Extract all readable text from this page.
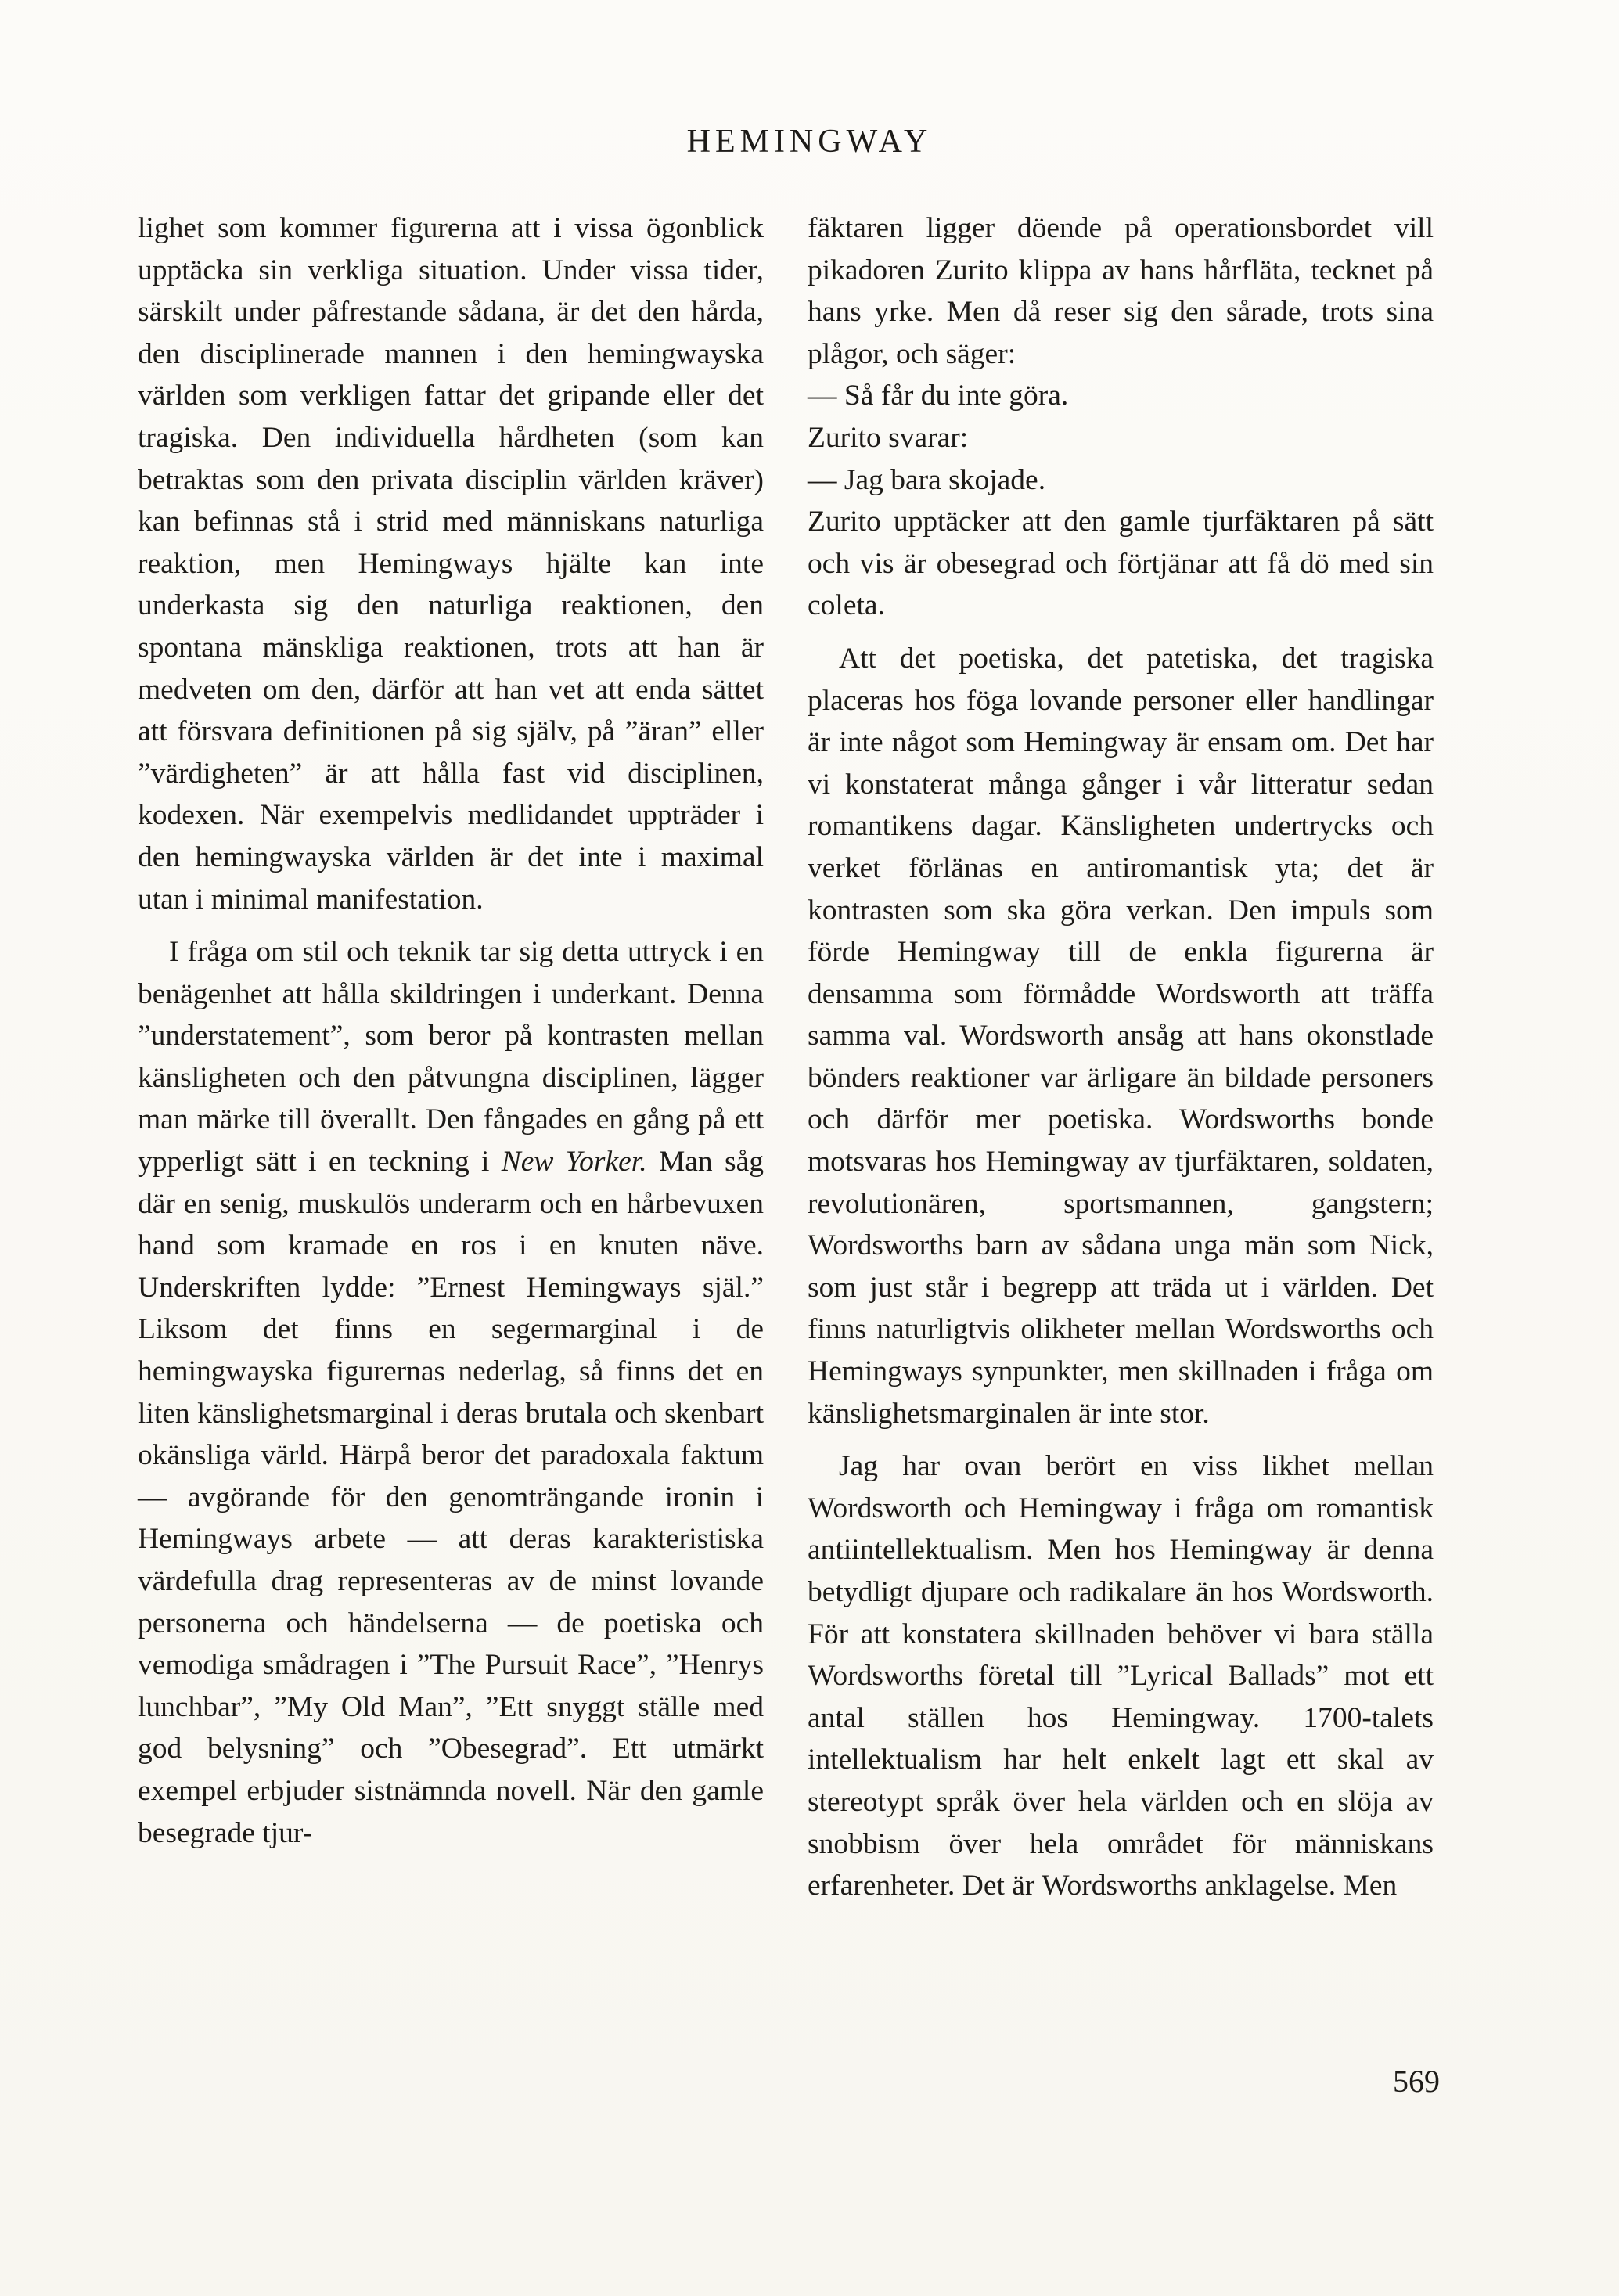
HEMINGWAY

lighet som kommer figurerna att i vissa ögonblick upptäcka sin verkliga situation. Under vissa tider, särskilt under påfrestande sådana, är det den hårda, den disciplinerade mannen i den hemingwayska världen som verkligen fattar det gripande eller det tragiska. Den individuella hårdheten (som kan betraktas som den privata disciplin världen kräver) kan befinnas stå i strid med människans naturliga reaktion, men Hemingways hjälte kan inte underkasta sig den naturliga reaktionen, den spontana mänskliga reaktionen, trots att han är medveten om den, därför att han vet att enda sättet att försvara definitionen på sig själv, på ”äran” eller ”värdigheten” är att hålla fast vid disciplinen, kodexen. När exempelvis medlidandet uppträder i den hemingwayska världen är det inte i maximal utan i minimal manifestation.

I fråga om stil och teknik tar sig detta uttryck i en benägenhet att hålla skildringen i underkant. Denna ”understatement”, som beror på kontrasten mellan känsligheten och den påtvungna disciplinen, lägger man märke till överallt. Den fångades en gång på ett ypperligt sätt i en teckning i New Yorker. Man såg där en senig, muskulös underarm och en hårbevuxen hand som kramade en ros i en knuten näve. Underskriften lydde: ”Ernest Hemingways själ.” Liksom det finns en segermarginal i de hemingwayska figurernas nederlag, så finns det en liten känslighetsmarginal i deras brutala och skenbart okänsliga värld. Härpå beror det paradoxala faktum — avgörande för den genomträngande ironin i Hemingways arbete — att deras karakteristiska värdefulla drag representeras av de minst lovande personerna och händelserna — de poetiska och vemodiga smådragen i ”The Pursuit Race”, ”Henrys lunchbar”, ”My Old Man”, ”Ett snyggt ställe med god belysning” och ”Obesegrad”. Ett utmärkt exempel erbjuder sistnämnda novell. När den gamle besegrade tjur-

fäktaren ligger döende på operationsbordet vill pikadoren Zurito klippa av hans hårfläta, tecknet på hans yrke. Men då reser sig den sårade, trots sina plågor, och säger:

— Så får du inte göra.

Zurito svarar:

— Jag bara skojade.

Zurito upptäcker att den gamle tjurfäktaren på sätt och vis är obesegrad och förtjänar att få dö med sin coleta.

Att det poetiska, det patetiska, det tragiska placeras hos föga lovande personer eller handlingar är inte något som Hemingway är ensam om. Det har vi konstaterat många gånger i vår litteratur sedan romantikens dagar. Känsligheten undertrycks och verket förlänas en antiromantisk yta; det är kontrasten som ska göra verkan. Den impuls som förde Hemingway till de enkla figurerna är densamma som förmådde Wordsworth att träffa samma val. Wordsworth ansåg att hans okonstlade bönders reaktioner var ärligare än bildade personers och därför mer poetiska. Wordsworths bonde motsvaras hos Hemingway av tjurfäktaren, soldaten, revolutionären, sportsmannen, gangstern; Wordsworths barn av sådana unga män som Nick, som just står i begrepp att träda ut i världen. Det finns naturligtvis olikheter mellan Wordsworths och Hemingways synpunkter, men skillnaden i fråga om känslighetsmarginalen är inte stor.

Jag har ovan berört en viss likhet mellan Wordsworth och Hemingway i fråga om romantisk antiintellektualism. Men hos Hemingway är denna betydligt djupare och radikalare än hos Wordsworth. För att konstatera skillnaden behöver vi bara ställa Wordsworths företal till ”Lyrical Ballads” mot ett antal ställen hos Hemingway. 1700-talets intellektualism har helt enkelt lagt ett skal av stereotypt språk över hela världen och en slöja av snobbism över hela området för människans erfarenheter. Det är Wordsworths anklagelse. Men

569
